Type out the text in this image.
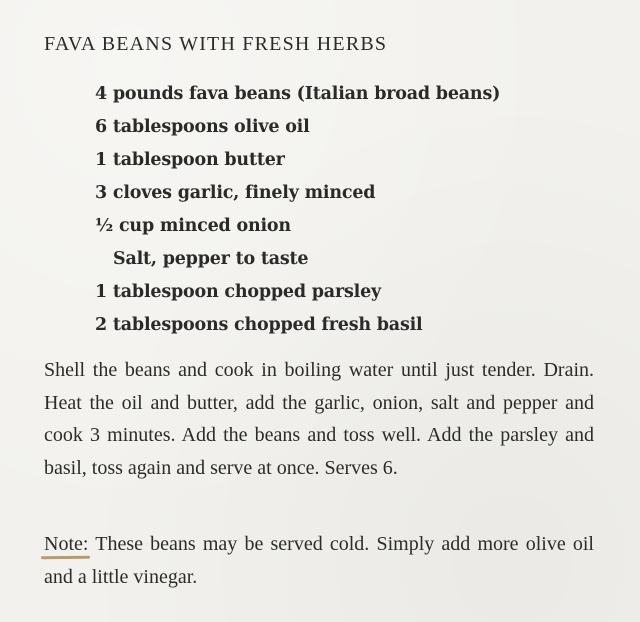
FAVA BEANS WITH FRESH HERBS
4 pounds fava beans (Italian broad beans)
6 tablespoons olive oil
1 tablespoon butter
3 cloves garlic, finely minced
½ cup minced onion
Salt, pepper to taste
1 tablespoon chopped parsley
2 tablespoons chopped fresh basil

Shell the beans and cook in boiling water until just tender. Drain. Heat the oil and butter, add the garlic, onion, salt and pepper and cook 3 minutes. Add the beans and toss well. Add the parsley and basil, toss again and serve at once. Serves 6.

Note:
These beans may be served cold. Simply add more olive oil and a little vinegar.
